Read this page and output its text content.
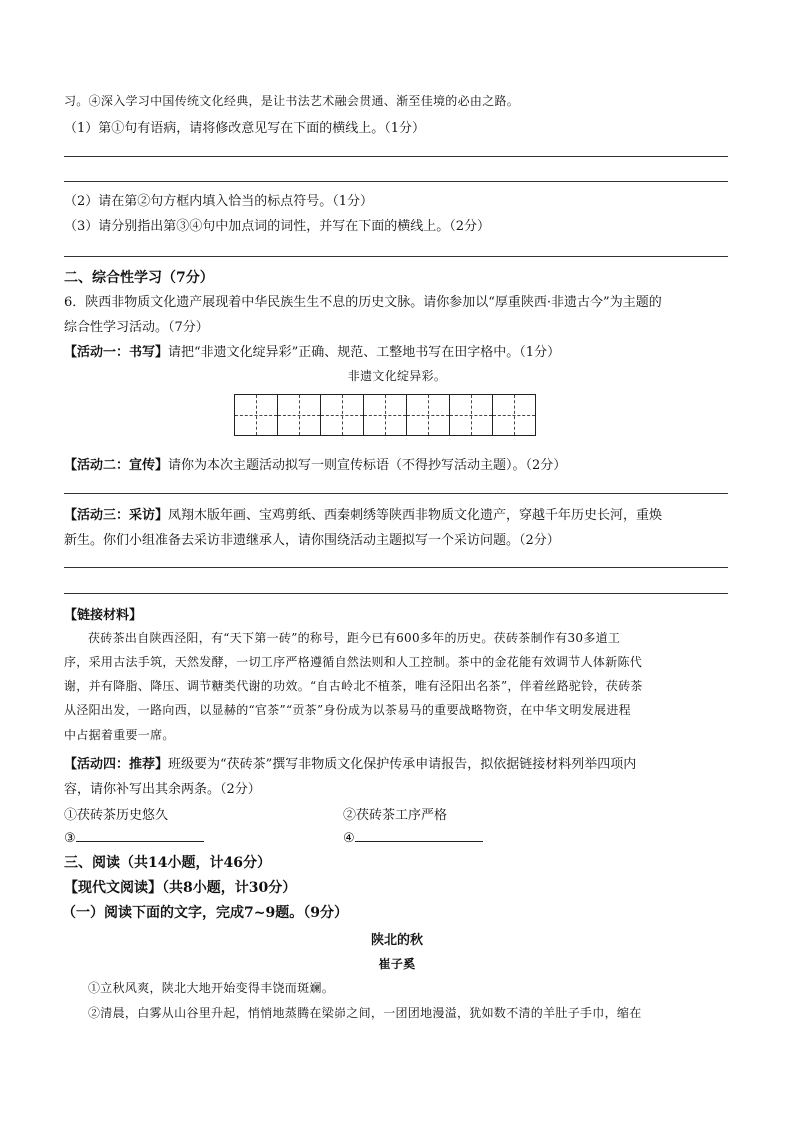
习。④深入学习中国传统文化经典，是让书法艺术融会贯通、渐至佳境的必由之路。
（1）第①句有语病，请将修改意见写在下面的横线上。（1分）
（2）请在第②句方框内填入恰当的标点符号。（1分）
（3）请分别指出第③④句中加点词的词性，并写在下面的横线上。（2分）
二、综合性学习（7分）
6．陕西非物质文化遗产展现着中华民族生生不息的历史文脉。请你参加以“厚重陕西·非遗古今”为主题的
综合性学习活动。（7分）
【活动一：书写】请把“非遗文化绽异彩”正确、规范、工整地书写在田字格中。（1分）
非遗文化绽异彩。
【活动二：宣传】请你为本次主题活动拟写一则宣传标语（不得抄写活动主题）。（2分）
【活动三：采访】凤翔木版年画、宝鸡剪纸、西秦刺绣等陕西非物质文化遗产，穿越千年历史长河，重焕
新生。你们小组准备去采访非遗继承人，请你围绕活动主题拟写一个采访问题。（2分）
【链接材料】
茯砖茶出自陕西泾阳，有“天下第一砖”的称号，距今已有600多年的历史。茯砖茶制作有30多道工
序，采用古法手筑，天然发酵，一切工序严格遵循自然法则和人工控制。茶中的金花能有效调节人体新陈代
谢，并有降脂、降压、调节糖类代谢的功效。“自古岭北不植茶，唯有泾阳出名茶”，伴着丝路驼铃，茯砖茶
从泾阳出发，一路向西，以显赫的“官茶”“贡茶”身份成为以茶易马的重要战略物资，在中华文明发展进程
中占据着重要一席。
【活动四：推荐】班级要为“茯砖茶”撰写非物质文化保护传承申请报告，拟依据链接材料列举四项内
容，请你补写出其余两条。（2分）
①茯砖茶历史悠久	②茯砖茶工序严格
③	④
三、阅读（共14小题，计46分）
【现代文阅读】（共8小题，计30分）
（一）阅读下面的文字，完成7~9题。（9分）
陕北的秋
崔子奚
①立秋风爽，陕北大地开始变得丰饶而斑斓。
②清晨，白雾从山谷里升起，悄悄地蒸腾在梁峁之间，一团团地漫溢，犹如数不清的羊肚子手巾，缩在
